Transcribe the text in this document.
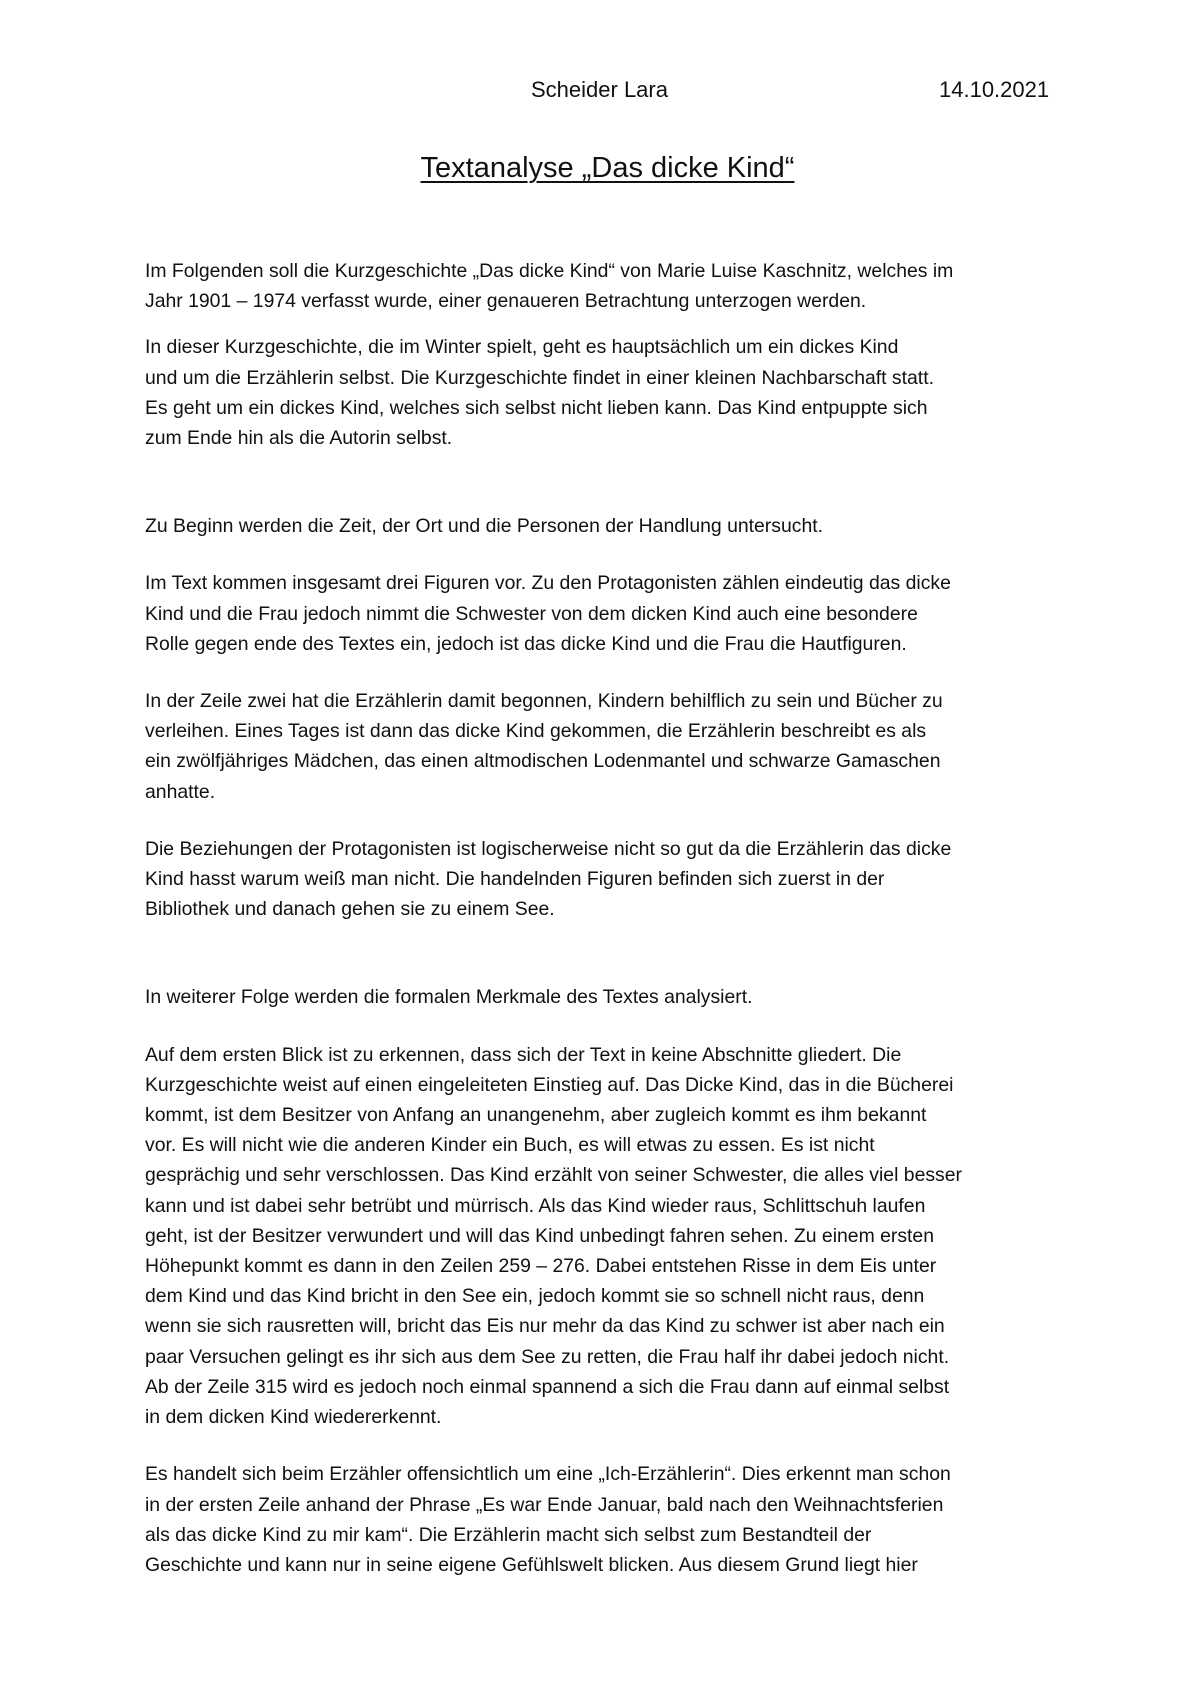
Scheider Lara	14.10.2021
Textanalyse „Das dicke Kind“

Im Folgenden soll die Kurzgeschichte „Das dicke Kind“ von Marie Luise Kaschnitz, welches im
Jahr 1901 – 1974 verfasst wurde, einer genaueren Betrachtung unterzogen werden.

In dieser Kurzgeschichte, die im Winter spielt, geht es hauptsächlich um ein dickes Kind
und um die Erzählerin selbst. Die Kurzgeschichte findet in einer kleinen Nachbarschaft statt.
Es geht um ein dickes Kind, welches sich selbst nicht lieben kann. Das Kind entpuppte sich
zum Ende hin als die Autorin selbst.

Zu Beginn werden die Zeit, der Ort und die Personen der Handlung untersucht.

Im Text kommen insgesamt drei Figuren vor. Zu den Protagonisten zählen eindeutig das dicke
Kind und die Frau jedoch nimmt die Schwester von dem dicken Kind auch eine besondere
Rolle gegen ende des Textes ein, jedoch ist das dicke Kind und die Frau die Hautfiguren.

In der Zeile zwei hat die Erzählerin damit begonnen, Kindern behilflich zu sein und Bücher zu
verleihen. Eines Tages ist dann das dicke Kind gekommen, die Erzählerin beschreibt es als
ein zwölfjähriges Mädchen, das einen altmodischen Lodenmantel und schwarze Gamaschen
anhatte.

Die Beziehungen der Protagonisten ist logischerweise nicht so gut da die Erzählerin das dicke
Kind hasst warum weiß man nicht. Die handelnden Figuren befinden sich zuerst in der
Bibliothek und danach gehen sie zu einem See.

In weiterer Folge werden die formalen Merkmale des Textes analysiert.

Auf dem ersten Blick ist zu erkennen, dass sich der Text in keine Abschnitte gliedert. Die
Kurzgeschichte weist auf einen eingeleiteten Einstieg auf. Das Dicke Kind, das in die Bücherei
kommt, ist dem Besitzer von Anfang an unangenehm, aber zugleich kommt es ihm bekannt
vor. Es will nicht wie die anderen Kinder ein Buch, es will etwas zu essen. Es ist nicht
gesprächig und sehr verschlossen. Das Kind erzählt von seiner Schwester, die alles viel besser
kann und ist dabei sehr betrübt und mürrisch. Als das Kind wieder raus, Schlittschuh laufen
geht, ist der Besitzer verwundert und will das Kind unbedingt fahren sehen. Zu einem ersten
Höhepunkt kommt es dann in den Zeilen 259 – 276. Dabei entstehen Risse in dem Eis unter
dem Kind und das Kind bricht in den See ein, jedoch kommt sie so schnell nicht raus, denn
wenn sie sich rausretten will, bricht das Eis nur mehr da das Kind zu schwer ist aber nach ein
paar Versuchen gelingt es ihr sich aus dem See zu retten, die Frau half ihr dabei jedoch nicht.
Ab der Zeile 315 wird es jedoch noch einmal spannend a sich die Frau dann auf einmal selbst
in dem dicken Kind wiedererkennt.

Es handelt sich beim Erzähler offensichtlich um eine „Ich-Erzählerin“. Dies erkennt man schon
in der ersten Zeile anhand der Phrase „Es war Ende Januar, bald nach den Weihnachtsferien
als das dicke Kind zu mir kam“. Die Erzählerin macht sich selbst zum Bestandteil der
Geschichte und kann nur in seine eigene Gefühlswelt blicken. Aus diesem Grund liegt hier
